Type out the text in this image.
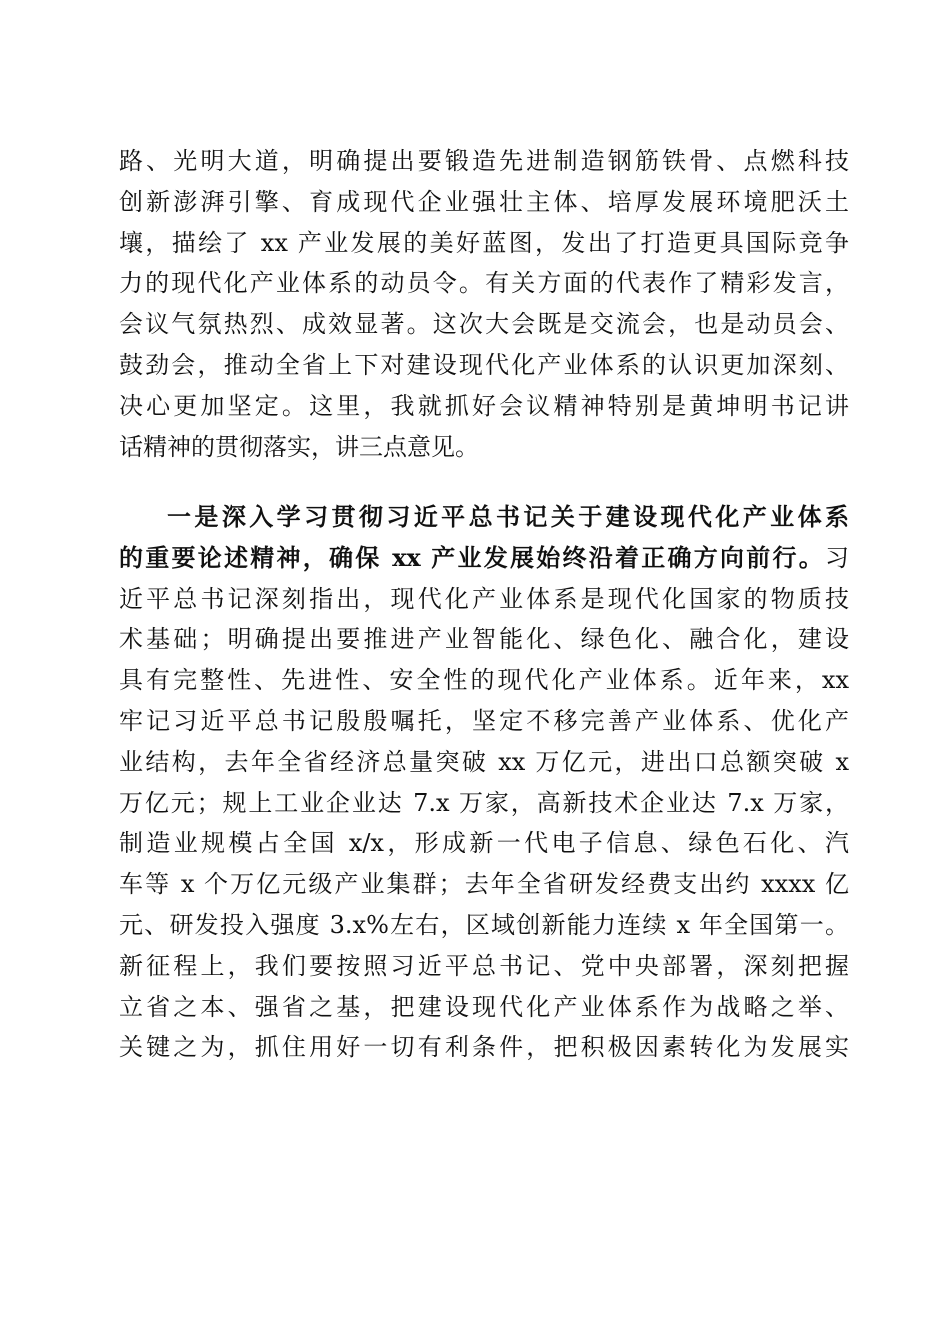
路、光明大道，明确提出要锻造先进制造钢筋铁骨、点燃科技
创新澎湃引擎、育成现代企业强壮主体、培厚发展环境肥沃土
壤，描绘了 xx 产业发展的美好蓝图，发出了打造更具国际竞争
力的现代化产业体系的动员令。有关方面的代表作了精彩发言，
会议气氛热烈、成效显著。这次大会既是交流会，也是动员会、
鼓劲会，推动全省上下对建设现代化产业体系的认识更加深刻、
决心更加坚定。这里，我就抓好会议精神特别是黄坤明书记讲
话精神的贯彻落实，讲三点意见。
一是深入学习贯彻习近平总书记关于建设现代化产业体系
的重要论述精神，确保 xx 产业发展始终沿着正确方向前行。习
近平总书记深刻指出，现代化产业体系是现代化国家的物质技
术基础；明确提出要推进产业智能化、绿色化、融合化，建设
具有完整性、先进性、安全性的现代化产业体系。近年来，xx
牢记习近平总书记殷殷嘱托，坚定不移完善产业体系、优化产
业结构，去年全省经济总量突破 xx 万亿元，进出口总额突破 x
万亿元；规上工业企业达 7.x 万家，高新技术企业达 7.x 万家，
制造业规模占全国 x/x，形成新一代电子信息、绿色石化、汽
车等 x 个万亿元级产业集群；去年全省研发经费支出约 xxxx 亿
元、研发投入强度 3.x%左右，区域创新能力连续 x 年全国第一。
新征程上，我们要按照习近平总书记、党中央部署，深刻把握
立省之本、强省之基，把建设现代化产业体系作为战略之举、
关键之为，抓住用好一切有利条件，把积极因素转化为发展实
